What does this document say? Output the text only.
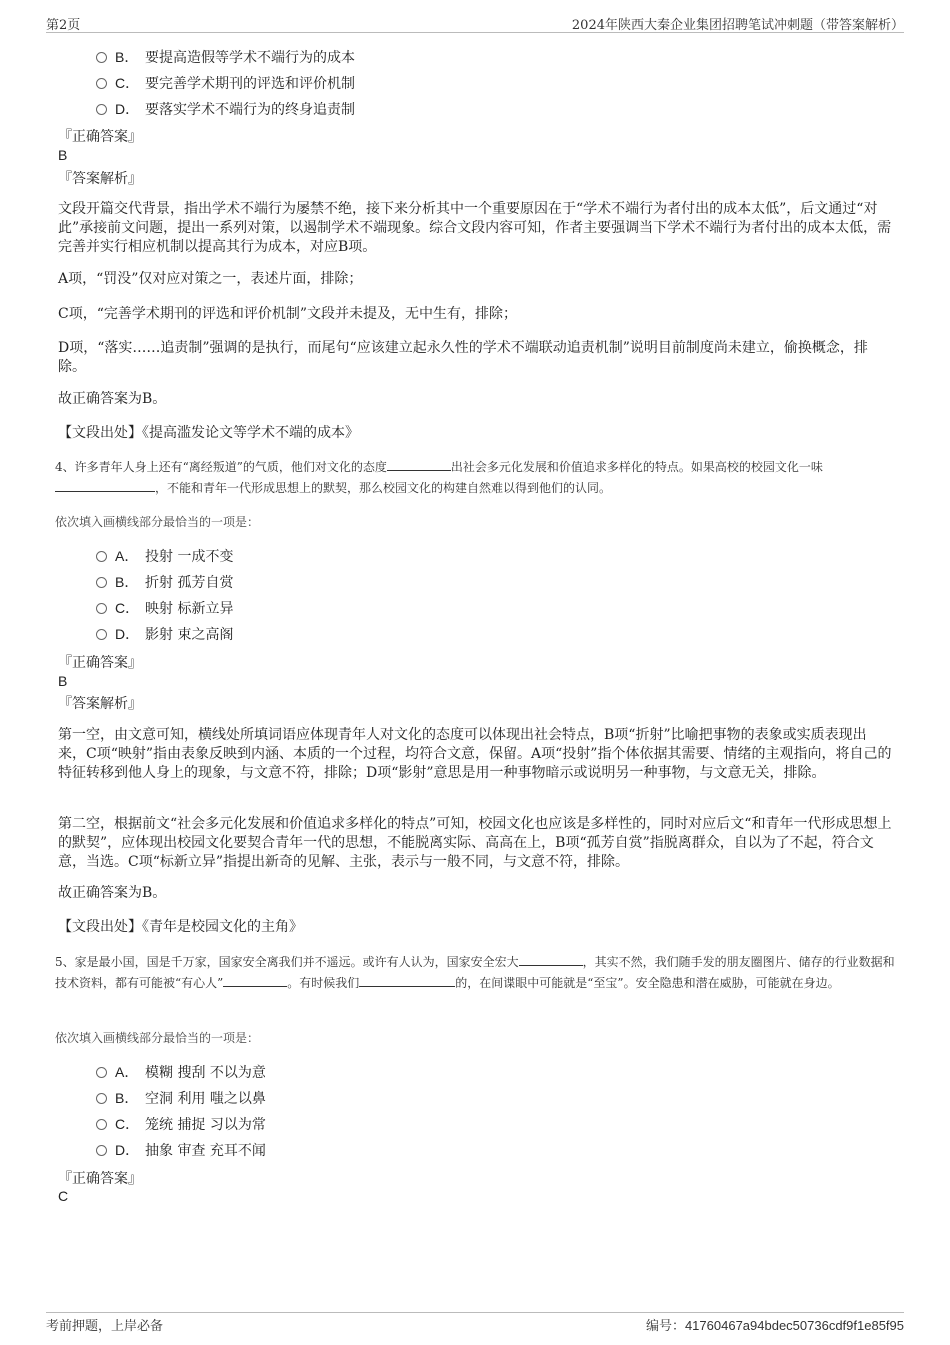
第2页	2024年陕西大秦企业集团招聘笔试冲刺题（带答案解析）
B． 要提高造假等学术不端行为的成本
C． 要完善学术期刊的评选和评价机制
D． 要落实学术不端行为的终身追责制
『正确答案』
B
『答案解析』
文段开篇交代背景，指出学术不端行为屡禁不绝，接下来分析其中一个重要原因在于“学术不端行为者付出的成本太低”，后文通过“对此”承接前文问题，提出一系列对策，以遏制学术不端现象。综合文段内容可知，作者主要强调当下学术不端行为者付出的成本太低，需完善并实行相应机制以提高其行为成本，对应B项。
A项，“罚没”仅对应对策之一，表述片面，排除；
C项，“完善学术期刊的评选和评价机制”文段并未提及，无中生有，排除；
D项，“落实……追责制”强调的是执行，而尾句“应该建立起永久性的学术不端联动追责机制”说明目前制度尚未建立，偷换概念，排除。
故正确答案为B。
【文段出处】《提高滥发论文等学术不端的成本》
4、许多青年人身上还有“离经叛道”的气质，他们对文化的态度	出社会多元化发展和价值追求多样化的特点。如果高校的校园文化一味，不能和青年一代形成思想上的默契，那么校园文化的构建自然难以得到他们的认同。
依次填入画横线部分最恰当的一项是：
A． 投射 一成不变
B． 折射 孤芳自赏
C． 映射 标新立异
D． 影射 束之高阁
『正确答案』
B
『答案解析』
第一空，由文意可知，横线处所填词语应体现青年人对文化的态度可以体现出社会特点，B项“折射”比喻把事物的表象或实质表现出来，C项“映射”指由表象反映到内涵、本质的一个过程，均符合文意，保留。A项“投射”指个体依据其需要、情绪的主观指向，将自己的特征转移到他人身上的现象，与文意不符，排除；D项“影射”意思是用一种事物暗示或说明另一种事物，与文意无关，排除。
第二空，根据前文“社会多元化发展和价值追求多样化的特点”可知，校园文化也应该是多样性的，同时对应后文“和青年一代形成思想上的默契”，应体现出校园文化要契合青年一代的思想，不能脱离实际、高高在上，B项“孤芳自赏”指脱离群众，自以为了不起，符合文意，当选。C项“标新立异”指提出新奇的见解、主张，表示与一般不同，与文意不符，排除。
故正确答案为B。
【文段出处】《青年是校园文化的主角》
5、家是最小国，国是千万家，国家安全离我们并不遥远。或许有人认为，国家安全宏大	，其实不然，我们随手发的朋友圈图片、储存的行业数据和技术资料，都有可能被“有心人”	。有时候我们	的，在间谍眼中可能就是“至宝”。安全隐患和潜在威胁，可能就在身边。
依次填入画横线部分最恰当的一项是：
A． 模糊 搜刮 不以为意
B． 空洞 利用 嗤之以鼻
C． 笼统 捕捉 习以为常
D． 抽象 审查 充耳不闻
『正确答案』
C
考前押题，上岸必备	编号：41760467a94bdec50736cdf9f1e85f95
